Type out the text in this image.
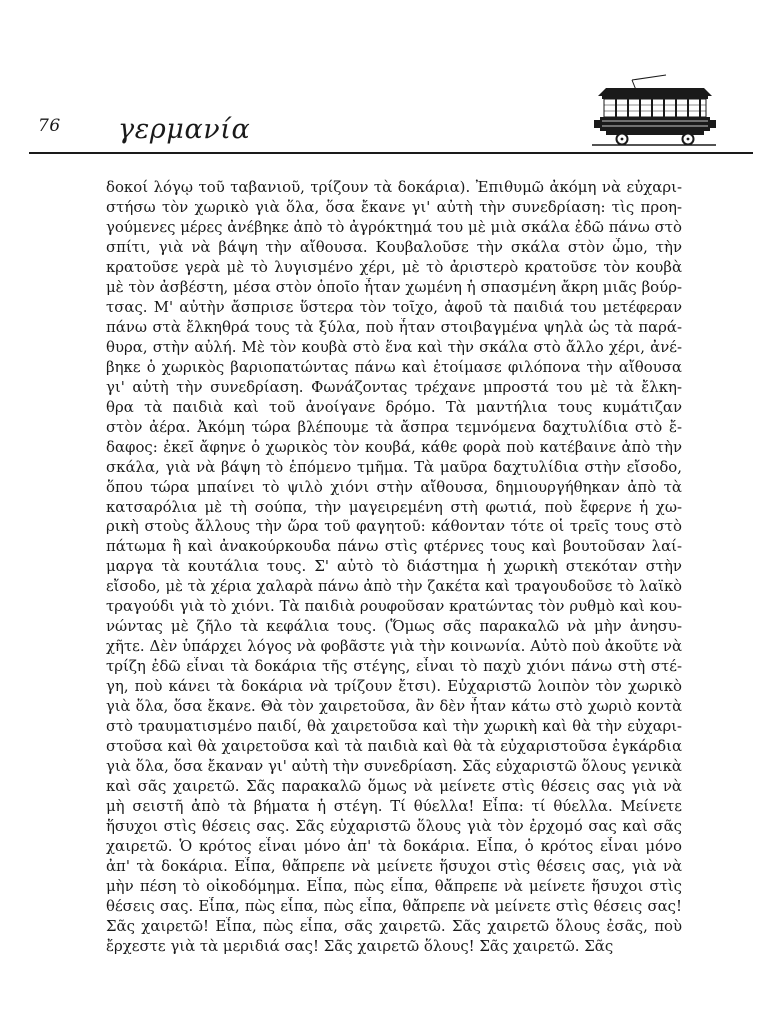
76 γερμανία
δοκοί λόγῳ τοῦ ταβανιοῦ, τρίζουν τὰ δοκάρια). Ἐπιθυμῶ ἀκόμη νὰ εὐχαρι-
στήσω τὸν χωρικὸ γιὰ ὅλα, ὅσα ἔκανε γι' αὐτὴ τὴν συνεδρίαση: τὶς προη-
γούμενες μέρες ἀνέβηκε ἀπὸ τὸ ἀγρόκτημά του μὲ μιὰ σκάλα ἐδῶ πάνω στὸ
σπίτι, γιὰ νὰ βάψη τὴν αἴθουσα. Κουβαλοῦσε τὴν σκάλα στὸν ὦμο, τὴν
κρατοῦσε γερὰ μὲ τὸ λυγισμένο χέρι, μὲ τὸ ἀριστερὸ κρατοῦσε τὸν κουβὰ
μὲ τὸν ἀσβέστη, μέσα στὸν ὁποῖο ἦταν χωμένη ἡ σπασμένη ἄκρη μιᾶς βούρ-
τσας. Μ' αὐτὴν ἄσπρισε ὕστερα τὸν τοῖχο, ἀφοῦ τὰ παιδιά του μετέφεραν
πάνω στὰ ἔλκηθρά τους τὰ ξύλα, ποὺ ἦταν στοιβαγμένα ψηλὰ ὡς τὰ παρά-
θυρα, στὴν αὐλή. Μὲ τὸν κουβὰ στὸ ἕνα καὶ τὴν σκάλα στὸ ἄλλο χέρι, ἀνέ-
βηκε ὁ χωρικὸς βαριοπατώντας πάνω καὶ ἑτοίμασε φιλόπονα τὴν αἴθουσα
γι' αὐτὴ τὴν συνεδρίαση. Φωνάζοντας τρέχανε μπροστά του μὲ τὰ ἔλκη-
θρα τὰ παιδιὰ καὶ τοῦ ἀνοίγανε δρόμο. Τὰ μαντήλια τους κυμάτιζαν
στὸν ἀέρα. Ἀκόμη τώρα βλέπουμε τὰ ἄσπρα τεμνόμενα δαχτυλίδια στὸ ἔ-
δαφος: ἐκεῖ ἄφηνε ὁ χωρικὸς τὸν κουβά, κάθε φορὰ ποὺ κατέβαινε ἀπὸ τὴν
σκάλα, γιὰ νὰ βάψη τὸ ἑπόμενο τμῆμα. Τὰ μαῦρα δαχτυλίδια στὴν εἴσοδο,
ὅπου τώρα μπαίνει τὸ ψιλὸ χιόνι στὴν αἴθουσα, δημιουργήθηκαν ἀπὸ τὰ
κατσαρόλια μὲ τὴ σούπα, τὴν μαγειρεμένη στὴ φωτιά, ποὺ ἔφερνε ἡ χω-
ρικὴ στοὺς ἄλλους τὴν ὥρα τοῦ φαγητοῦ: κάθονταν τότε οἱ τρεῖς τους στὸ
πάτωμα ἢ καὶ ἀνακούρκουδα πάνω στὶς φτέρνες τους καὶ βουτοῦσαν λαί-
μαργα τὰ κουτάλια τους. Σ' αὐτὸ τὸ διάστημα ἡ χωρικὴ στεκόταν στὴν
εἴσοδο, μὲ τὰ χέρια χαλαρὰ πάνω ἀπὸ τὴν ζακέτα καὶ τραγουδοῦσε τὸ λαϊκὸ
τραγούδι γιὰ τὸ χιόνι. Τὰ παιδιὰ ρουφοῦσαν κρατώντας τὸν ρυθμὸ καὶ κου-
νώντας μὲ ζῆλο τὰ κεφάλια τους. (Ὅμως σᾶς παρακαλῶ νὰ μὴν ἀνησυ-
χῆτε. Δὲν ὑπάρχει λόγος νὰ φοβᾶστε γιὰ τὴν κοινωνία. Αὐτὸ ποὺ ἀκοῦτε νὰ
τρίζη ἐδῶ εἶναι τὰ δοκάρια τῆς στέγης, εἶναι τὸ παχὺ χιόνι πάνω στὴ στέ-
γη, ποὺ κάνει τὰ δοκάρια νὰ τρίζουν ἔτσι). Εὐχαριστῶ λοιπὸν τὸν χωρικὸ
γιὰ ὅλα, ὅσα ἔκανε. Θὰ τὸν χαιρετοῦσα, ἂν δὲν ἦταν κάτω στὸ χωριὸ κοντὰ
στὸ τραυματισμένο παιδί, θὰ χαιρετοῦσα καὶ τὴν χωρικὴ καὶ θὰ τὴν εὐχαρι-
στοῦσα καὶ θὰ χαιρετοῦσα καὶ τὰ παιδιὰ καὶ θὰ τὰ εὐχαριστοῦσα ἐγκάρδια
γιὰ ὅλα, ὅσα ἔκαναν γι' αὐτὴ τὴν συνεδρίαση. Σᾶς εὐχαριστῶ ὅλους γενικὰ
καὶ σᾶς χαιρετῶ. Σᾶς παρακαλῶ ὅμως νὰ μείνετε στὶς θέσεις σας γιὰ νὰ
μὴ σειστῆ ἀπὸ τὰ βήματα ἡ στέγη. Τί θύελλα! Εἶπα: τί θύελλα. Μείνετε
ἥσυχοι στὶς θέσεις σας. Σᾶς εὐχαριστῶ ὅλους γιὰ τὸν ἐρχομό σας καὶ σᾶς
χαιρετῶ. Ὁ κρότος εἶναι μόνο ἀπ' τὰ δοκάρια. Εἶπα, ὁ κρότος εἶναι μόνο
ἀπ' τὰ δοκάρια. Εἶπα, θἄπρεπε νὰ μείνετε ἥσυχοι στὶς θέσεις σας, γιὰ νὰ
μὴν πέση τὸ οἰκοδόμημα. Εἶπα, πὼς εἶπα, θἄπρεπε νὰ μείνετε ἥσυχοι στὶς
θέσεις σας. Εἶπα, πὼς εἶπα, πὼς εἶπα, θἄπρεπε νὰ μείνετε στὶς θέσεις σας!
Σᾶς χαιρετῶ! Εἶπα, πὼς εἶπα, σᾶς χαιρετῶ. Σᾶς χαιρετῶ ὅλους ἐσᾶς, ποὺ
ἔρχεστε γιὰ τὰ μεριδιά σας! Σᾶς χαιρετῶ ὅλους! Σᾶς χαιρετῶ. Σᾶς
